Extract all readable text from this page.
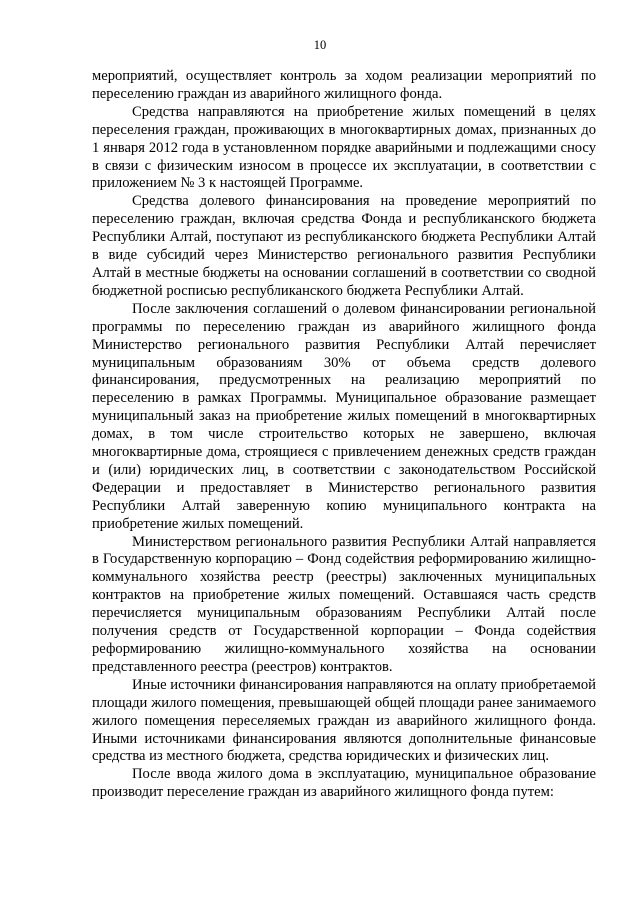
10

мероприятий, осуществляет контроль за ходом реализации мероприятий по переселению граждан из аварийного жилищного фонда.

Средства направляются на приобретение жилых помещений в целях переселения граждан, проживающих в многоквартирных домах, признанных до 1 января 2012 года в установленном порядке аварийными и подлежащими сносу в связи с физическим износом в процессе их эксплуатации, в соответствии с приложением № 3 к настоящей Программе.

Средства долевого финансирования на проведение мероприятий по переселению граждан, включая средства Фонда и республиканского бюджета Республики Алтай, поступают из республиканского бюджета Республики Алтай в виде субсидий через Министерство регионального развития Республики Алтай в местные бюджеты на основании соглашений в соответствии со сводной бюджетной росписью республиканского бюджета Республики Алтай.

После заключения соглашений о долевом финансировании региональной программы по переселению граждан из аварийного жилищного фонда Министерство регионального развития Республики Алтай перечисляет муниципальным образованиям 30% от объема средств долевого финансирования, предусмотренных на реализацию мероприятий по переселению в рамках Программы. Муниципальное образование размещает муниципальный заказ на приобретение жилых помещений в многоквартирных домах, в том числе строительство которых не завершено, включая многоквартирные дома, строящиеся с привлечением денежных средств граждан и (или) юридических лиц, в соответствии с законодательством Российской Федерации и предоставляет в Министерство регионального развития Республики Алтай заверенную копию муниципального контракта на приобретение жилых помещений.

Министерством регионального развития Республики Алтай направляется в Государственную корпорацию – Фонд содействия реформированию жилищно-коммунального хозяйства реестр (реестры) заключенных муниципальных контрактов на приобретение жилых помещений. Оставшаяся часть средств перечисляется муниципальным образованиям Республики Алтай после получения средств от Государственной корпорации – Фонда содействия реформированию жилищно-коммунального хозяйства на основании представленного реестра (реестров) контрактов.

Иные источники финансирования направляются на оплату приобретаемой площади жилого помещения, превышающей общей площади ранее занимаемого жилого помещения переселяемых граждан из аварийного жилищного фонда. Иными источниками финансирования являются дополнительные финансовые средства из местного бюджета, средства юридических и физических лиц.

После ввода жилого дома в эксплуатацию, муниципальное образование производит переселение граждан из аварийного жилищного фонда путем:
